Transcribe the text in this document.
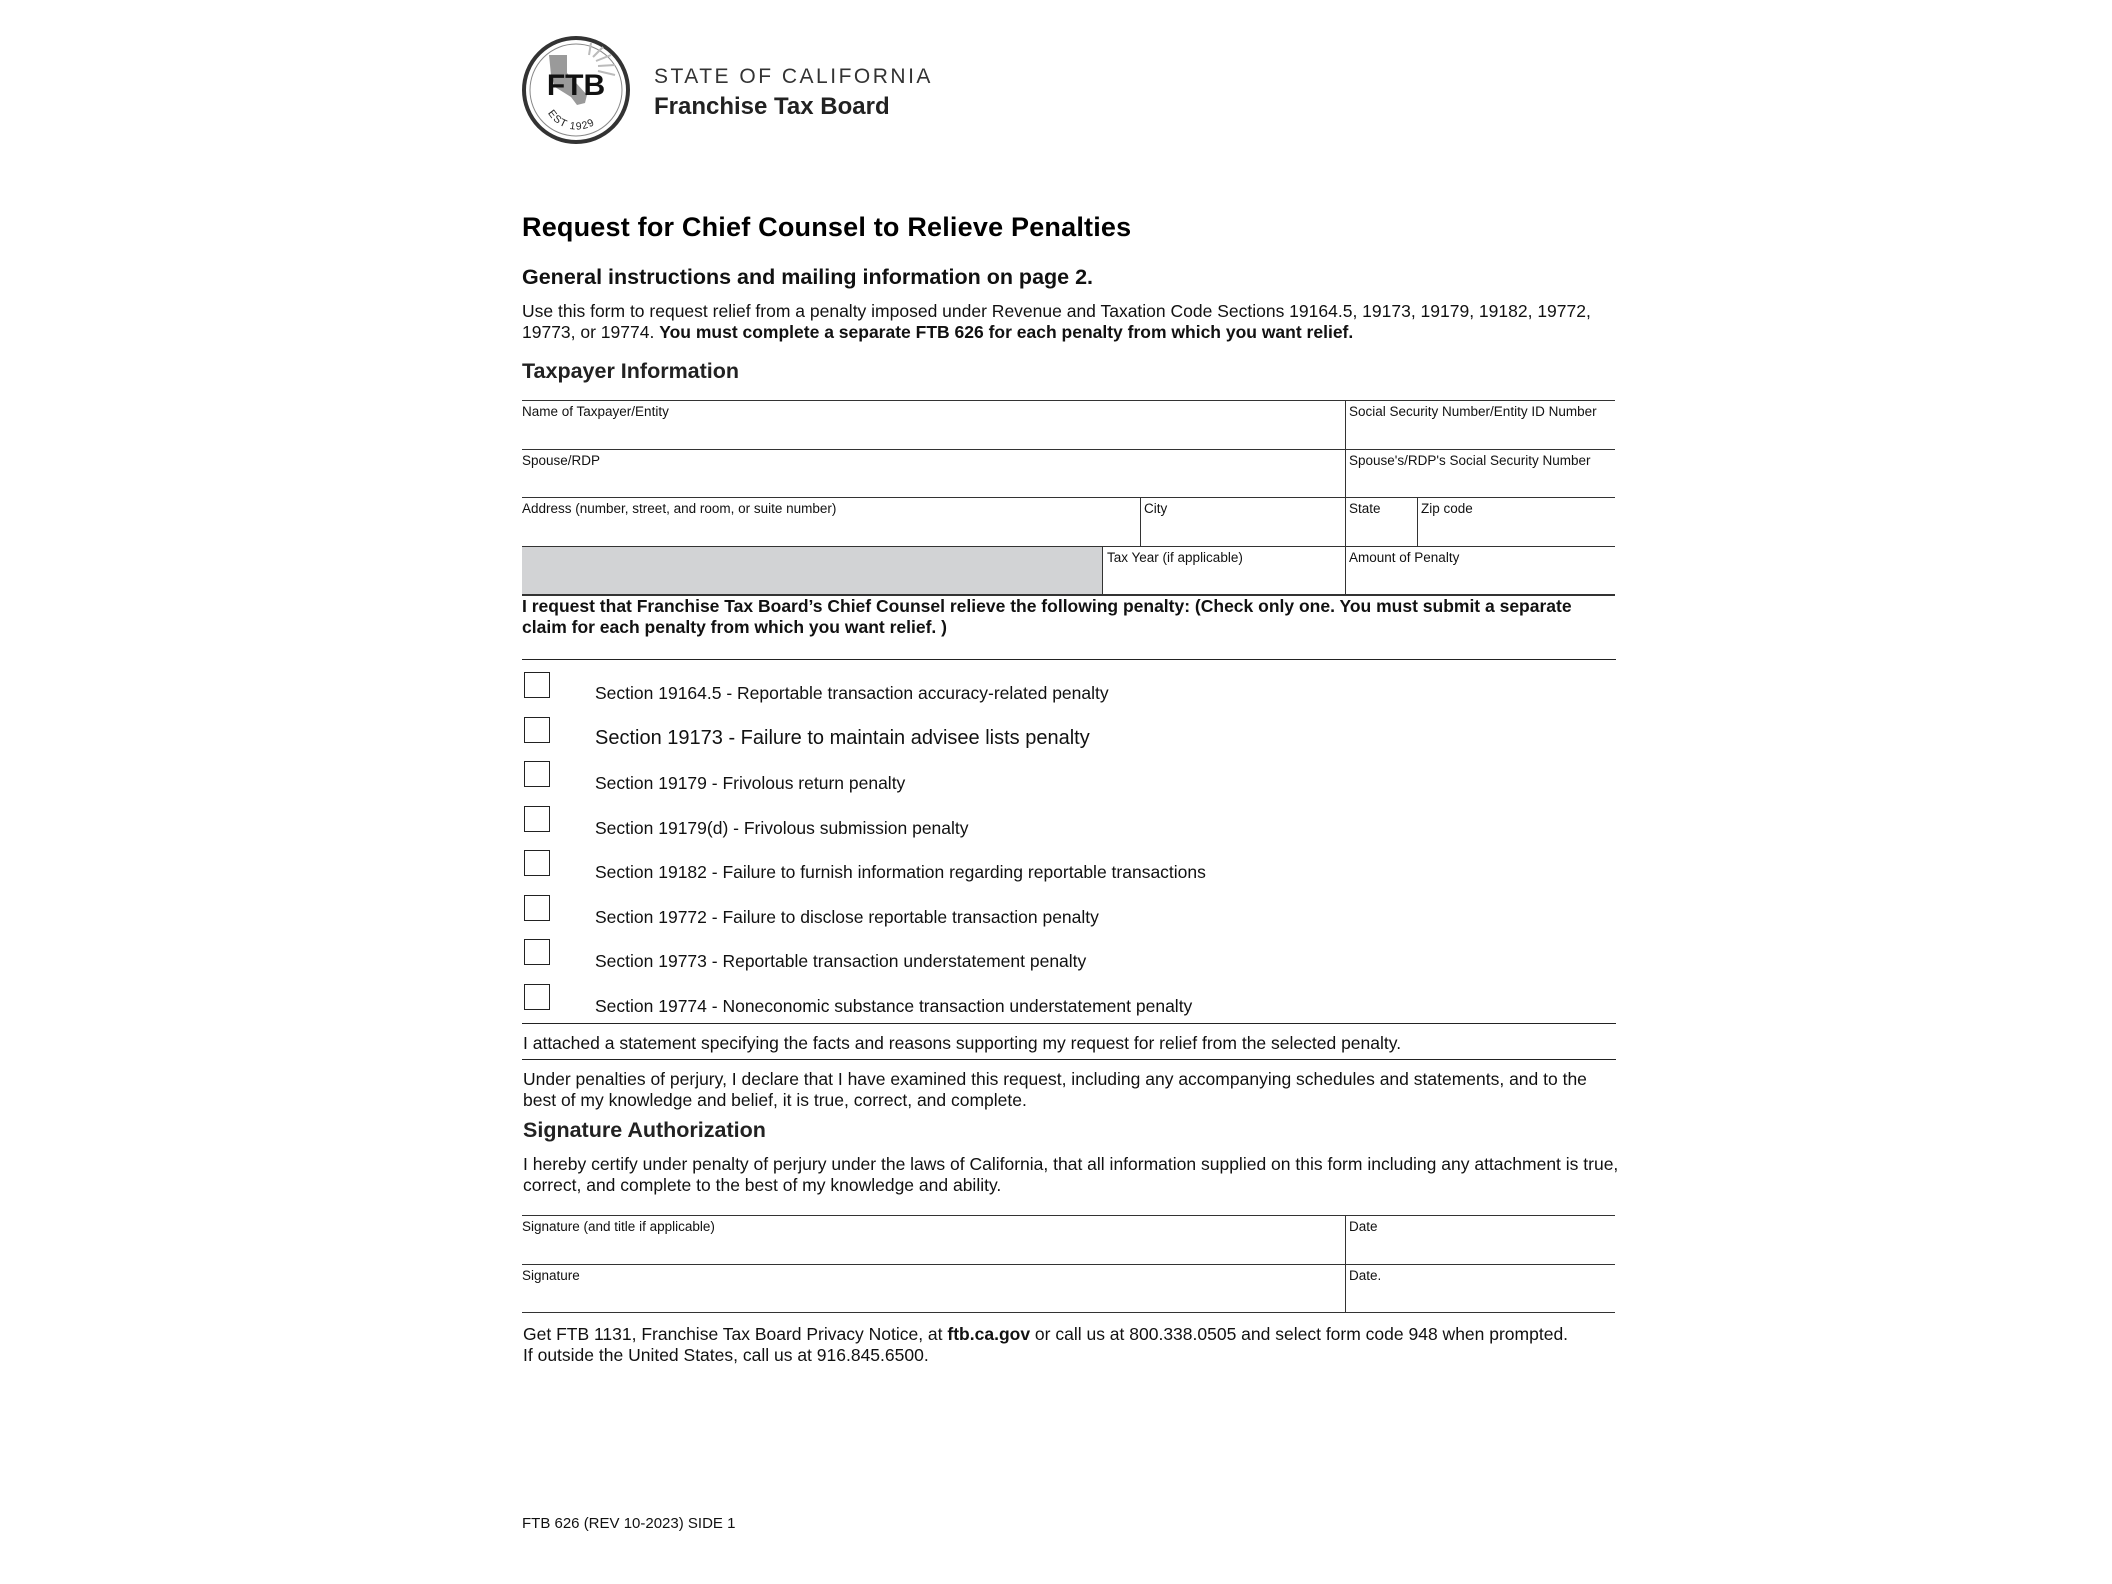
FTB
EST 1929
STATE OF CALIFORNIA
Franchise Tax Board
Request for Chief Counsel to Relieve Penalties
General instructions and mailing information on page 2.
Use this form to request relief from a penalty imposed under Revenue and Taxation Code Sections 19164.5, 19173, 19179, 19182, 19772, 19773, or 19774. You must complete a separate FTB 626 for each penalty from which you want relief.
Taxpayer Information
Name of Taxpayer/Entity	Social Security Number/Entity ID Number
Spouse/RDP	Spouse's/RDP's Social Security Number
Address (number, street, and room, or suite number)	City	State	Zip code
Tax Year (if applicable)	Amount of Penalty
I request that Franchise Tax Board’s Chief Counsel relieve the following penalty: (Check only one. You must submit a separate claim for each penalty from which you want relief. )
Section 19164.5 - Reportable transaction accuracy-related penalty
Section 19173 - Failure to maintain advisee lists penalty
Section 19179 - Frivolous return penalty
Section 19179(d) - Frivolous submission penalty
Section 19182 - Failure to furnish information regarding reportable transactions
Section 19772 - Failure to disclose reportable transaction penalty
Section 19773 - Reportable transaction understatement penalty
Section 19774 - Noneconomic substance transaction understatement penalty
I attached a statement specifying the facts and reasons supporting my request for relief from the selected penalty.
Under penalties of perjury, I declare that I have examined this request, including any accompanying schedules and statements, and to the best of my knowledge and belief, it is true, correct, and complete.
Signature Authorization
I hereby certify under penalty of perjury under the laws of California, that all information supplied on this form including any attachment is true, correct, and complete to the best of my knowledge and ability.
Signature (and title if applicable)	Date
Signature	Date.
Get FTB 1131, Franchise Tax Board Privacy Notice, at ftb.ca.gov or call us at 800.338.0505 and select form code 948 when prompted.
If outside the United States, call us at 916.845.6500.
FTB 626 (REV 10-2023) SIDE 1
